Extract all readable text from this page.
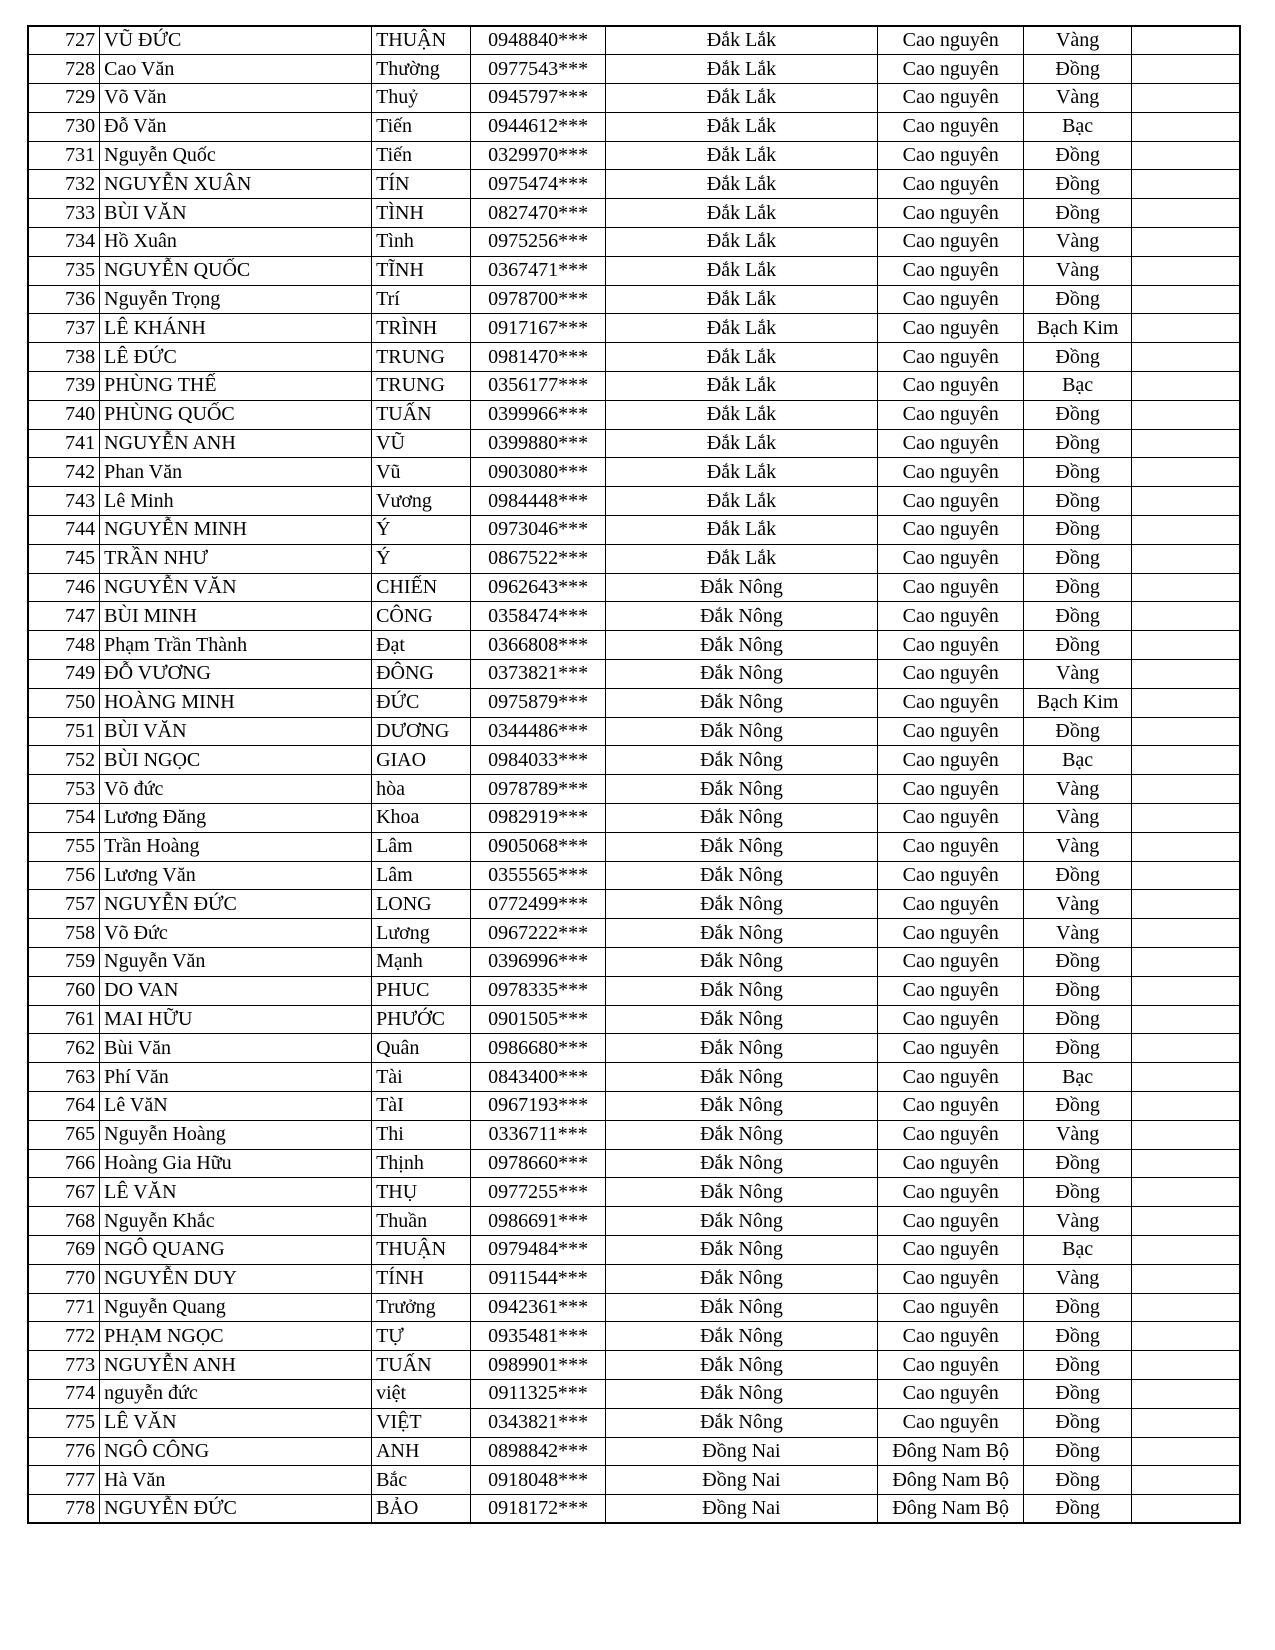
727	VŨ ĐỨC	THUẬN	0948840***	Đắk Lắk	Cao nguyên	Vàng	
728	Cao Văn	Thường	0977543***	Đắk Lắk	Cao nguyên	Đồng	
729	Võ Văn	Thuỷ	0945797***	Đắk Lắk	Cao nguyên	Vàng	
730	Đỗ Văn	Tiến	0944612***	Đắk Lắk	Cao nguyên	Bạc	
731	Nguyễn Quốc	Tiến	0329970***	Đắk Lắk	Cao nguyên	Đồng	
732	NGUYỄN XUÂN	TÍN	0975474***	Đắk Lắk	Cao nguyên	Đồng	
733	BÙI VĂN	TÌNH	0827470***	Đắk Lắk	Cao nguyên	Đồng	
734	Hồ Xuân	Tình	0975256***	Đắk Lắk	Cao nguyên	Vàng	
735	NGUYỄN QUỐC	TĨNH	0367471***	Đắk Lắk	Cao nguyên	Vàng	
736	Nguyễn Trọng	Trí	0978700***	Đắk Lắk	Cao nguyên	Đồng	
737	LÊ KHÁNH	TRÌNH	0917167***	Đắk Lắk	Cao nguyên	Bạch Kim	
738	LÊ ĐỨC	TRUNG	0981470***	Đắk Lắk	Cao nguyên	Đồng	
739	PHÙNG THẾ	TRUNG	0356177***	Đắk Lắk	Cao nguyên	Bạc	
740	PHÙNG QUỐC	TUẤN	0399966***	Đắk Lắk	Cao nguyên	Đồng	
741	NGUYỄN ANH	VŨ	0399880***	Đắk Lắk	Cao nguyên	Đồng	
742	Phan Văn	Vũ	0903080***	Đắk Lắk	Cao nguyên	Đồng	
743	Lê Minh	Vương	0984448***	Đắk Lắk	Cao nguyên	Đồng	
744	NGUYỄN MINH	Ý	0973046***	Đắk Lắk	Cao nguyên	Đồng	
745	TRẦN NHƯ	Ý	0867522***	Đắk Lắk	Cao nguyên	Đồng	
746	NGUYỄN VĂN	CHIẾN	0962643***	Đắk Nông	Cao nguyên	Đồng	
747	BÙI MINH	CÔNG	0358474***	Đắk Nông	Cao nguyên	Đồng	
748	Phạm Trần Thành	Đạt	0366808***	Đắk Nông	Cao nguyên	Đồng	
749	ĐỖ VƯƠNG	ĐÔNG	0373821***	Đắk Nông	Cao nguyên	Vàng	
750	HOÀNG MINH	ĐỨC	0975879***	Đắk Nông	Cao nguyên	Bạch Kim	
751	BÙI VĂN	DƯƠNG	0344486***	Đắk Nông	Cao nguyên	Đồng	
752	BÙI NGỌC	GIAO	0984033***	Đắk Nông	Cao nguyên	Bạc	
753	Võ đức	hòa	0978789***	Đắk Nông	Cao nguyên	Vàng	
754	Lương Đăng	Khoa	0982919***	Đắk Nông	Cao nguyên	Vàng	
755	Trần Hoàng	Lâm	0905068***	Đắk Nông	Cao nguyên	Vàng	
756	Lương Văn	Lâm	0355565***	Đắk Nông	Cao nguyên	Đồng	
757	NGUYỄN ĐỨC	LONG	0772499***	Đắk Nông	Cao nguyên	Vàng	
758	Võ Đức	Lương	0967222***	Đắk Nông	Cao nguyên	Vàng	
759	Nguyễn Văn	Mạnh	0396996***	Đắk Nông	Cao nguyên	Đồng	
760	DO VAN	PHUC	0978335***	Đắk Nông	Cao nguyên	Đồng	
761	MAI HỮU	PHƯỚC	0901505***	Đắk Nông	Cao nguyên	Đồng	
762	Bùi Văn	Quân	0986680***	Đắk Nông	Cao nguyên	Đồng	
763	Phí Văn	Tài	0843400***	Đắk Nông	Cao nguyên	Bạc	
764	Lê VăN	TàI	0967193***	Đắk Nông	Cao nguyên	Đồng	
765	Nguyễn Hoàng	Thi	0336711***	Đắk Nông	Cao nguyên	Vàng	
766	Hoàng Gia Hữu	Thịnh	0978660***	Đắk Nông	Cao nguyên	Đồng	
767	LÊ VĂN	THỤ	0977255***	Đắk Nông	Cao nguyên	Đồng	
768	Nguyễn Khắc	Thuần	0986691***	Đắk Nông	Cao nguyên	Vàng	
769	NGÔ QUANG	THUẬN	0979484***	Đắk Nông	Cao nguyên	Bạc	
770	NGUYỄN DUY	TÍNH	0911544***	Đắk Nông	Cao nguyên	Vàng	
771	Nguyễn Quang	Trưởng	0942361***	Đắk Nông	Cao nguyên	Đồng	
772	PHẠM NGỌC	TỰ	0935481***	Đắk Nông	Cao nguyên	Đồng	
773	NGUYỄN ANH	TUẤN	0989901***	Đắk Nông	Cao nguyên	Đồng	
774	nguyễn đức	việt	0911325***	Đắk Nông	Cao nguyên	Đồng	
775	LÊ VĂN	VIỆT	0343821***	Đắk Nông	Cao nguyên	Đồng	
776	NGÔ CÔNG	ANH	0898842***	Đồng Nai	Đông Nam Bộ	Đồng	
777	Hà Văn	Bắc	0918048***	Đồng Nai	Đông Nam Bộ	Đồng	
778	NGUYỄN ĐỨC	BẢO	0918172***	Đồng Nai	Đông Nam Bộ	Đồng	
